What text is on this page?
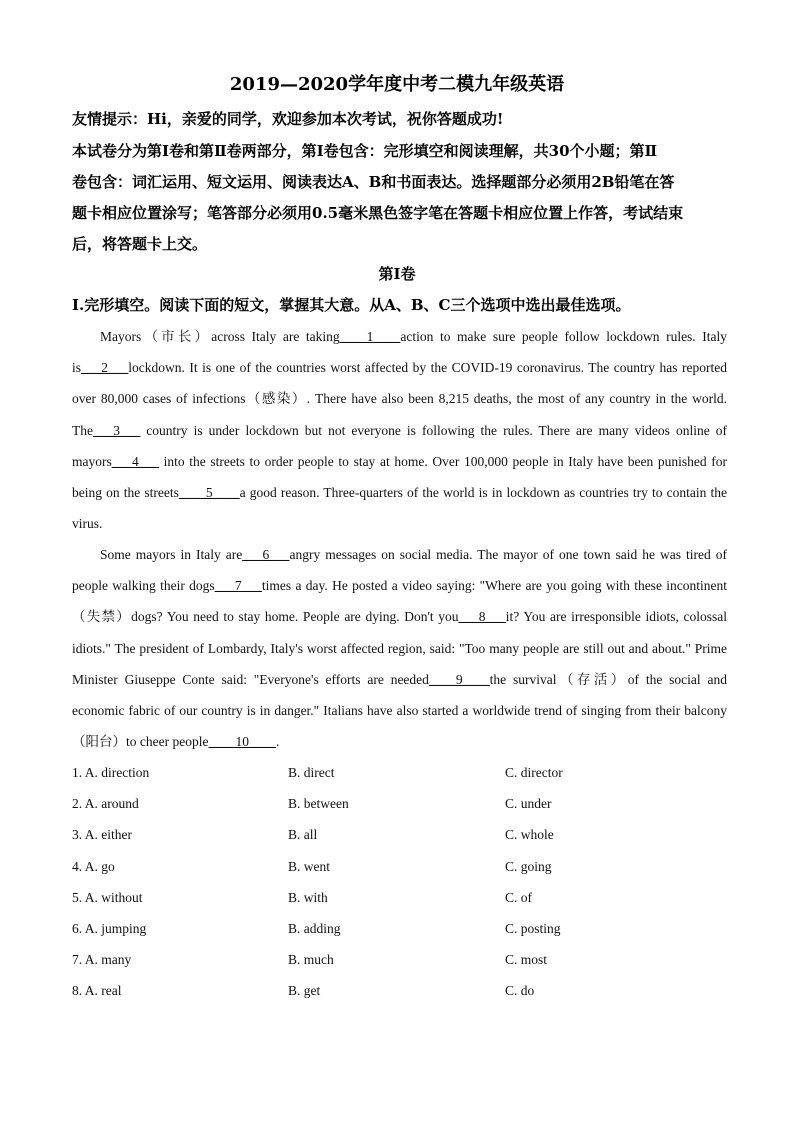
2019—2020学年度中考二模九年级英语
友情提示：Hi，亲爱的同学，欢迎参加本次考试，祝你答题成功!
本试卷分为第Ⅰ卷和第Ⅱ卷两部分，第Ⅰ卷包含：完形填空和阅读理解，共30个小题；第Ⅱ
卷包含：词汇运用、短文运用、阅读表达A、B和书面表达。选择题部分必须用2B铅笔在答
题卡相应位置涂写；笔答部分必须用0.5毫米黑色签字笔在答题卡相应位置上作答，考试结束
后，将答题卡上交。
第Ⅰ卷
I.完形填空。阅读下面的短文，掌握其大意。从A、B、C三个选项中选出最佳选项。
Mayors（市长）across Italy are taking____1____action to make sure people follow lockdown rules. Italy is___2___lockdown. It is one of the countries worst affected by the COVID-19 coronavirus. The country has reported over 80,000 cases of infections（感染）. There have also been 8,215 deaths, the most of any country in the world. The___3___ country is under lockdown but not everyone is following the rules. There are many videos online of mayors___4___ into the streets to order people to stay at home. Over 100,000 people in Italy have been punished for being on the streets____5____a good reason. Three-quarters of the world is in lockdown as countries try to contain the virus.
Some mayors in Italy are___6___angry messages on social media. The mayor of one town said he was tired of people walking their dogs___7___times a day. He posted a video saying: "Where are you going with these incontinent（失禁）dogs? You need to stay home. People are dying. Don't you___8___it? You are irresponsible idiots, colossal idiots." The president of Lombardy, Italy's worst affected region, said: "Too many people are still out and about." Prime Minister Giuseppe Conte said: "Everyone's efforts are needed____9____the survival（存活）of the social and economic fabric of our country is in danger." Italians have also started a worldwide trend of singing from their balcony（阳台）to cheer people____10____.
1. A. direction	B. direct	C. director
2. A. around	B. between	C. under
3. A. either	B. all	C. whole
4. A. go	B. went	C. going
5. A. without	B. with	C. of
6. A. jumping	B. adding	C. posting
7. A. many	B. much	C. most
8. A. real	B. get	C. do
